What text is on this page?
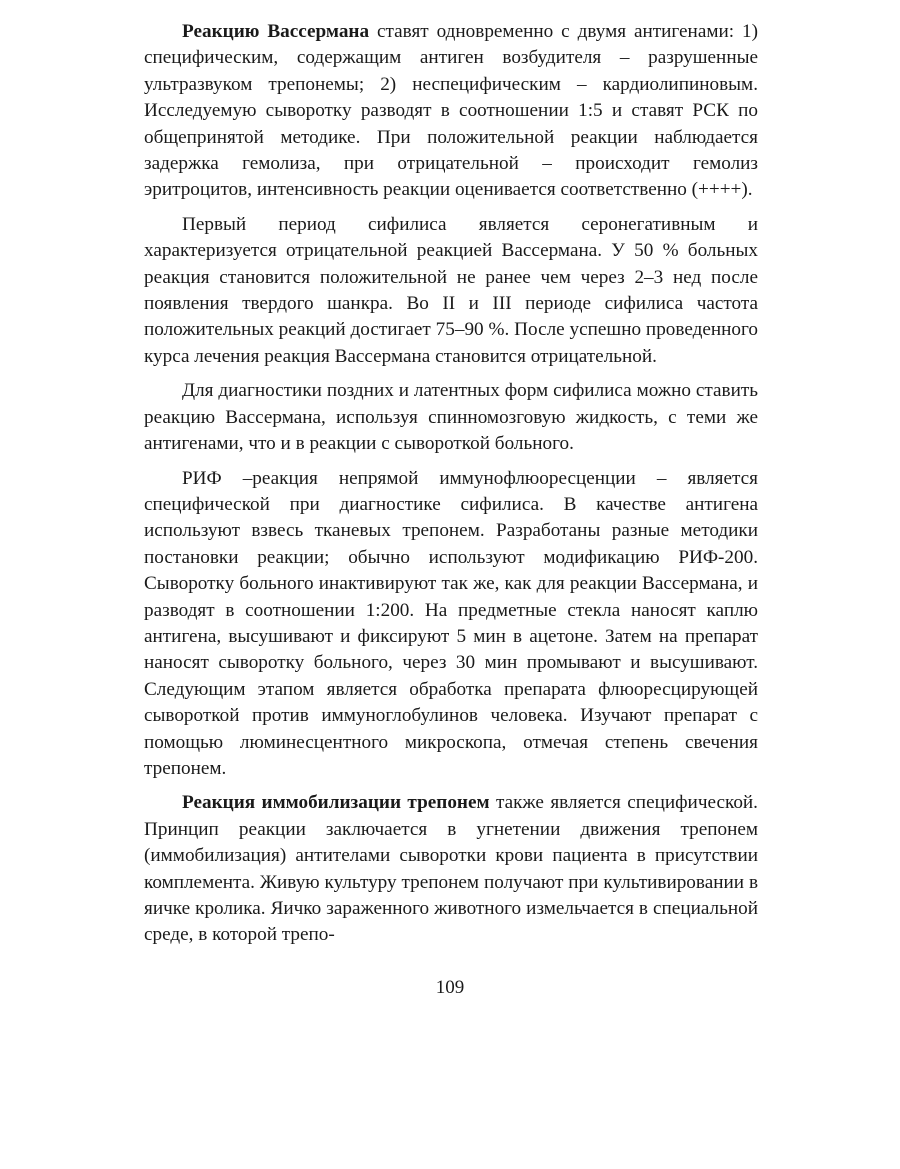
Реакцию Вассермана ставят одновременно с двумя антигенами: 1) специфическим, содержащим антиген возбудителя – разрушенные ультразвуком трепонемы; 2) неспецифическим – кардиолипиновым. Исследуемую сыворотку разводят в соотношении 1:5 и ставят РСК по общепринятой методике. При положительной реакции наблюдается задержка гемолиза, при отрицательной – происходит гемолиз эритроцитов, интенсивность реакции оценивается соответственно (++++).

Первый период сифилиса является серонегативным и характеризуется отрицательной реакцией Вассермана. У 50 % больных реакция становится положительной не ранее чем через 2–3 нед после появления твердого шанкра. Во II и III периоде сифилиса частота положительных реакций достигает 75–90 %. После успешно проведенного курса лечения реакция Вассермана становится отрицательной.

Для диагностики поздних и латентных форм сифилиса можно ставить реакцию Вассермана, используя спинномозговую жидкость, с теми же антигенами, что и в реакции с сывороткой больного.

РИФ –реакция непрямой иммунофлюоресценции – является специфической при диагностике сифилиса. В качестве антигена используют взвесь тканевых трепонем. Разработаны разные методики постановки реакции; обычно используют модификацию РИФ-200. Сыворотку больного инактивируют так же, как для реакции Вассермана, и разводят в соотношении 1:200. На предметные стекла наносят каплю антигена, высушивают и фиксируют 5 мин в ацетоне. Затем на препарат наносят сыворотку больного, через 30 мин промывают и высушивают. Следующим этапом является обработка препарата флюоресцирующей сывороткой против иммуноглобулинов человека. Изучают препарат с помощью люминесцентного микроскопа, отмечая степень свечения трепонем.

Реакция иммобилизации трепонем также является специфической. Принцип реакции заключается в угнетении движения трепонем (иммобилизация) антителами сыворотки крови пациента в присутствии комплемента. Живую культуру трепонем получают при культивировании в яичке кролика. Яичко зараженного животного измельчается в специальной среде, в которой трепо-

109
